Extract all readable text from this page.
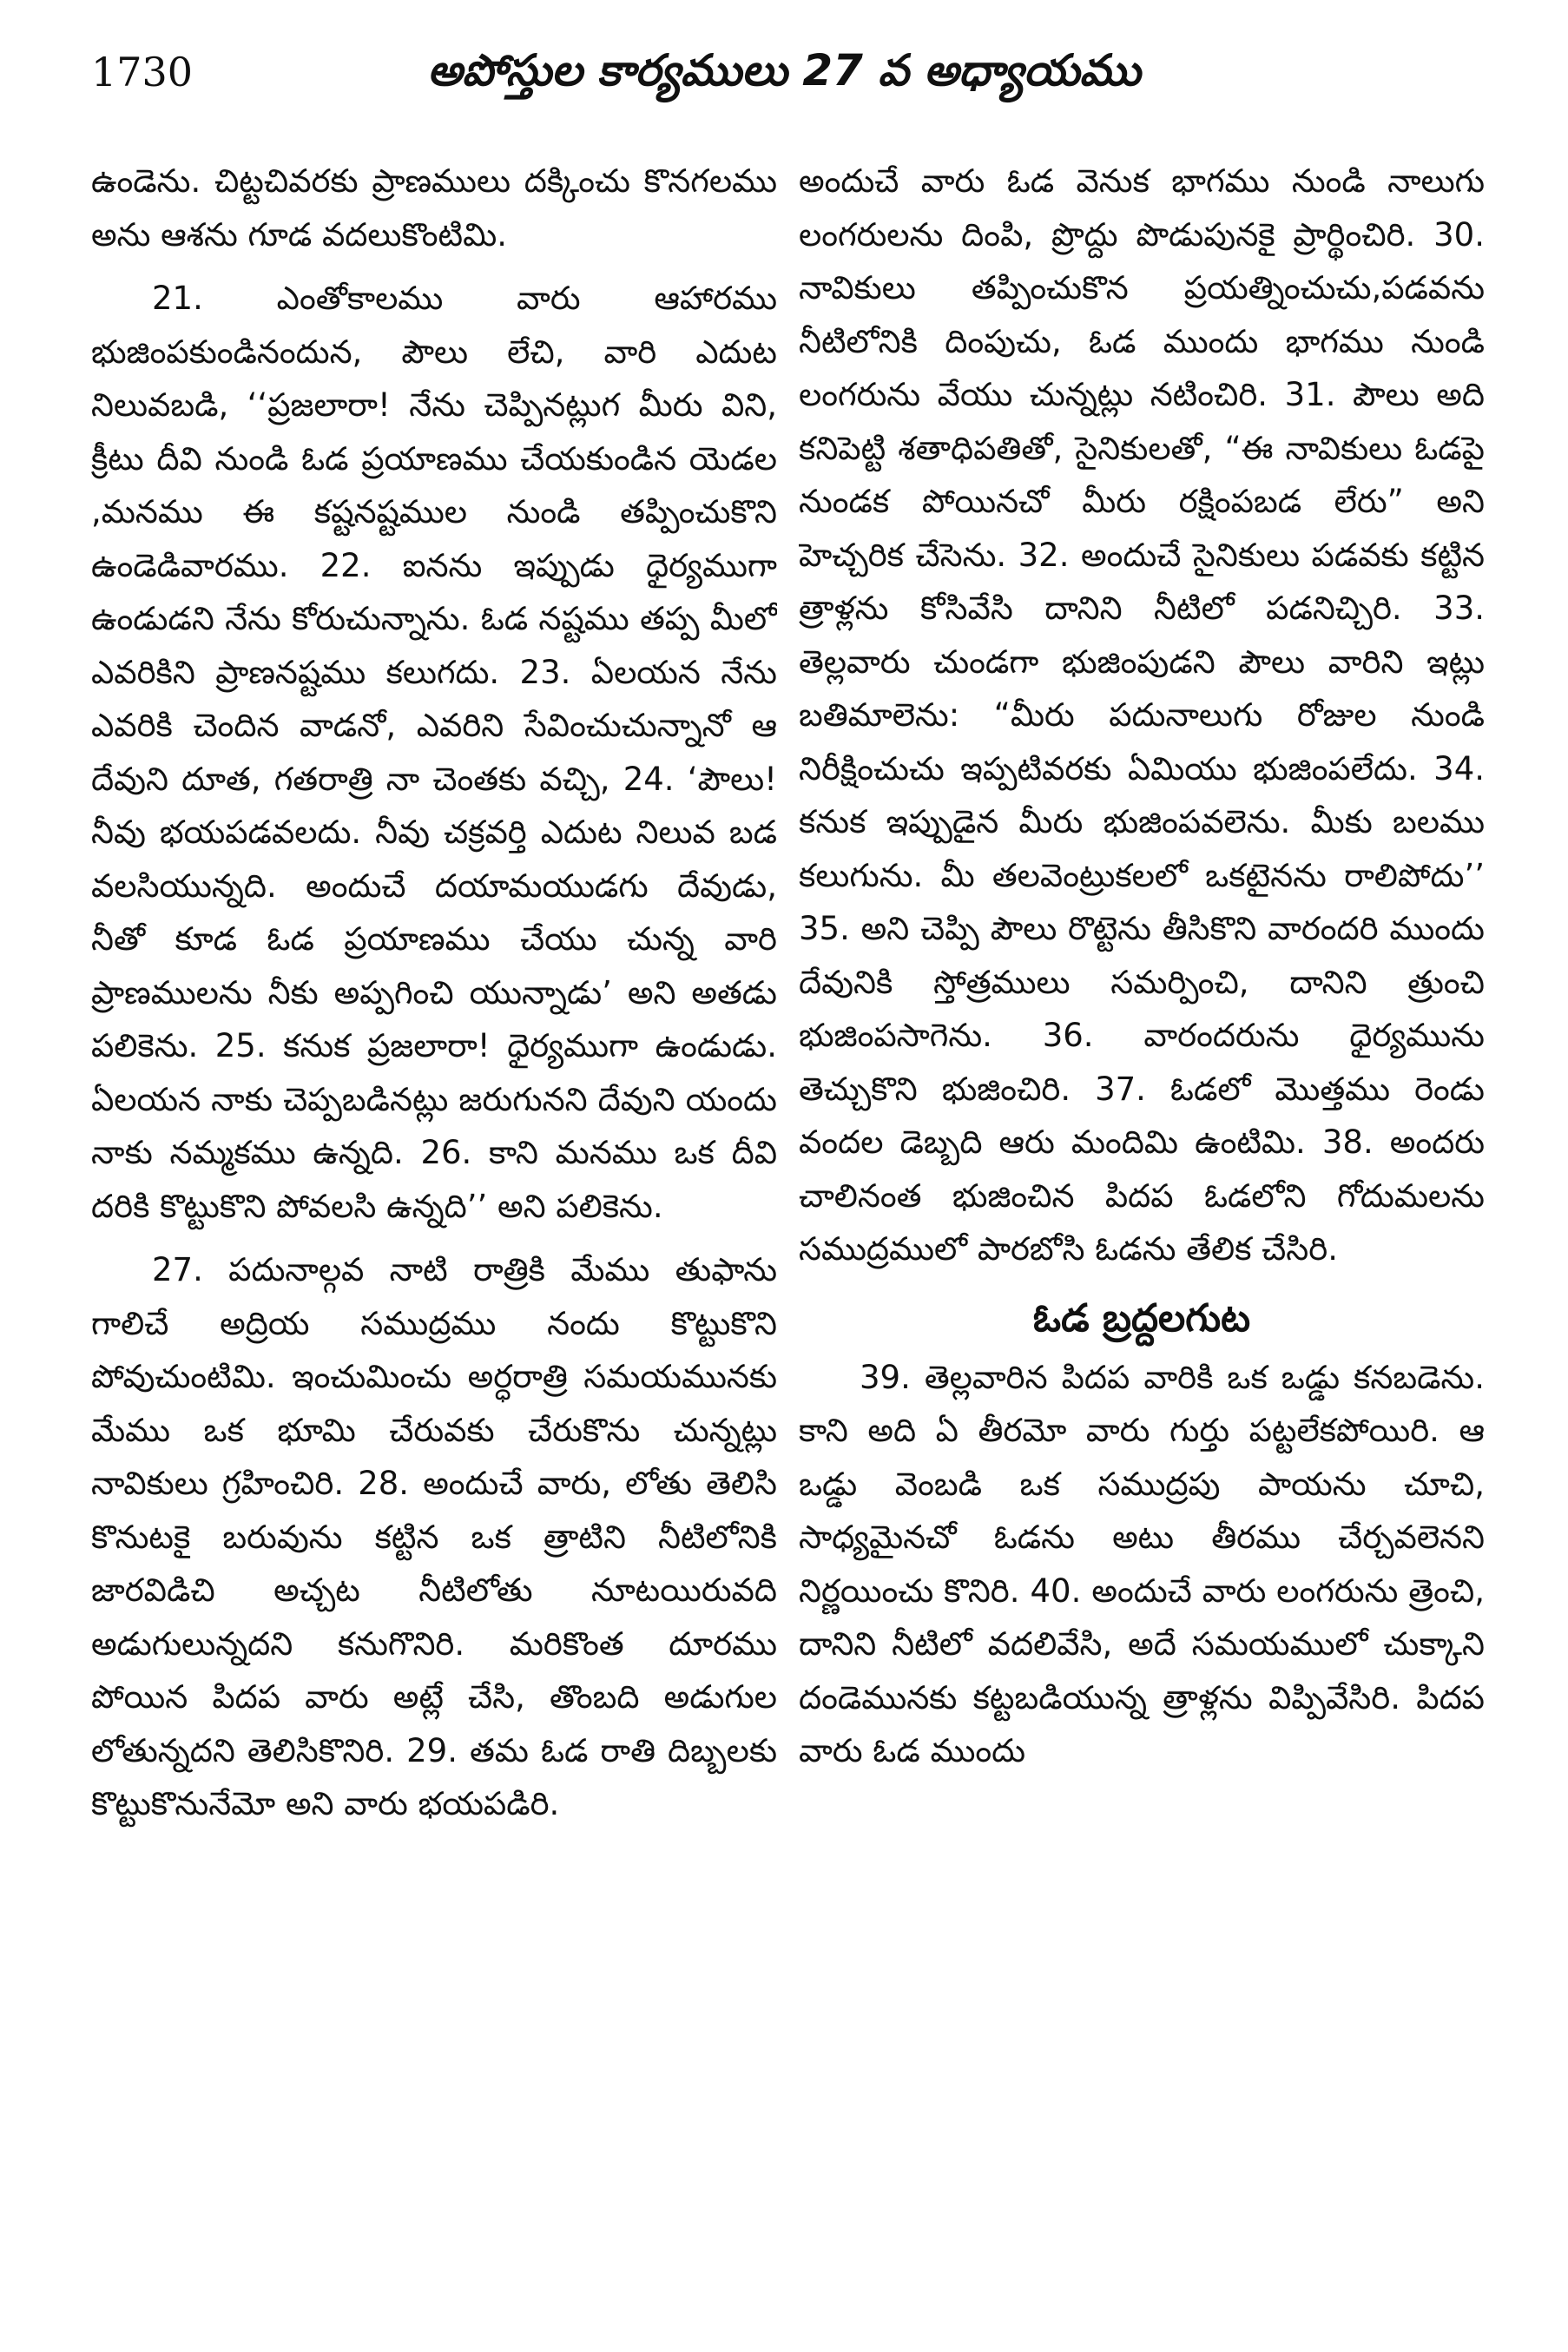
1730	అపోస్తుల కార్యములు 27 వ అధ్యాయము

ఉండెను. చిట్టచివరకు ప్రాణములు దక్కించు కొనగలము అను ఆశను గూడ వదలుకొంటిమి.

21. ఎంతోకాలము వారు ఆహారము భుజింపకుండినందున, పౌలు లేచి, వారి ఎదుట నిలువబడి, ‘‘ప్రజలారా! నేను చెప్పినట్లుగ మీరు విని, క్రీటు దీవి నుండి ఓడ ప్రయాణము చేయకుండిన యెడల ,మనము ఈ కష్టనష్టముల నుండి తప్పించుకొని ఉండెడివారము. 22. ఐనను ఇప్పుడు ధైర్యముగా ఉండుడని నేను కోరుచున్నాను. ఓడ నష్టము తప్ప మీలో ఎవరికిని ప్రాణనష్టము కలుగదు. 23. ఏలయన నేను ఎవరికి చెందిన వాడనో, ఎవరిని సేవించుచున్నానో ఆ దేవుని దూత, గతరాత్రి నా చెంతకు వచ్చి, 24. ‘పౌలు! నీవు భయపడవలదు. నీవు చక్రవర్తి ఎదుట నిలువ బడ వలసియున్నది. అందుచే దయామయుడగు దేవుడు, నీతో కూడ ఓడ ప్రయాణము చేయు చున్న వారి ప్రాణములను నీకు అప్పగించి యున్నాడు’ అని అతడు పలికెను. 25. కనుక ప్రజలారా! ధైర్యముగా ఉండుడు. ఏలయన నాకు చెప్పబడినట్లు జరుగునని దేవుని యందు నాకు నమ్మకము ఉన్నది. 26. కాని మనము ఒక దీవి దరికి కొట్టుకొని పోవలసి ఉన్నది’’ అని పలికెను.

27. పదునాల్గవ నాటి రాత్రికి మేము తుఫాను గాలిచే అద్రియ సముద్రము నందు కొట్టుకొని పోవుచుంటిమి. ఇంచుమించు అర్ధరాత్రి సమయమునకు మేము ఒక భూమి చేరువకు చేరుకొను చున్నట్లు నావికులు గ్రహించిరి. 28. అందుచే వారు, లోతు తెలిసి కొనుటకై బరువును కట్టిన ఒక త్రాటిని నీటిలోనికి జారవిడిచి అచ్చట నీటిలోతు నూటయిరువది అడుగులున్నదని కనుగొనిరి. మరికొంత దూరము పోయిన పిదప వారు అట్లే చేసి, తొంబది అడుగుల లోతున్నదని తెలిసికొనిరి. 29. తమ ఓడ రాతి దిబ్బలకు కొట్టుకొనునేమో అని వారు భయపడిరి.

అందుచే వారు ఓడ వెనుక భాగము నుండి నాలుగు లంగరులను దింపి, ప్రొద్దు పొడుపునకై ప్రార్థించిరి. 30. నావికులు తప్పించుకొన ప్రయత్నించుచు,పడవను నీటిలోనికి దింపుచు, ఓడ ముందు భాగము నుండి లంగరును వేయు చున్నట్లు నటించిరి. 31. పౌలు అది కనిపెట్టి శతాధిపతితో, సైనికులతో, “ఈ నావికులు ఓడపై నుండక పోయినచో మీరు రక్షింపబడ లేరు” అని హెచ్చరిక చేసెను. 32. అందుచే సైనికులు పడవకు కట్టిన త్రాళ్లను కోసివేసి దానిని నీటిలో పడనిచ్చిరి. 33. తెల్లవారు చుండగా భుజింపుడని పౌలు వారిని ఇట్లు బతిమాలెను: “మీరు పదునాలుగు రోజుల నుండి నిరీక్షించుచు ఇప్పటివరకు ఏమియు భుజింపలేదు. 34. కనుక ఇప్పుడైన మీరు భుజింపవలెను. మీకు బలము కలుగును. మీ తలవెంట్రుకలలో ఒకటైనను రాలిపోదు’’ 35. అని చెప్పి పౌలు రొట్టెను తీసికొని వారందరి ముందు దేవునికి స్తోత్రములు సమర్పించి, దానిని త్రుంచి భుజింపసాగెను. 36. వారందరును ధైర్యమును తెచ్చుకొని భుజించిరి. 37. ఓడలో మొత్తము రెండు వందల డెబ్బది ఆరు మందిమి ఉంటిమి. 38. అందరు చాలినంత భుజించిన పిదప ఓడలోని గోదుమలను సముద్రములో పారబోసి ఓడను తేలిక చేసిరి.

ఓడ బ్రద్దలగుట

39. తెల్లవారిన పిదప వారికి ఒక ఒడ్డు కనబడెను. కాని అది ఏ తీరమో వారు గుర్తు పట్టలేకపోయిరి. ఆ ఒడ్డు వెంబడి ఒక సముద్రపు పాయను చూచి, సాధ్యమైనచో ఓడను అటు తీరము చేర్చవలెనని నిర్ణయించు కొనిరి. 40. అందుచే వారు లంగరును త్రెంచి, దానిని నీటిలో వదలివేసి, అదే సమయములో చుక్కాని దండెమునకు కట్టబడియున్న త్రాళ్లను విప్పివేసిరి. పిదప వారు ఓడ ముందు
